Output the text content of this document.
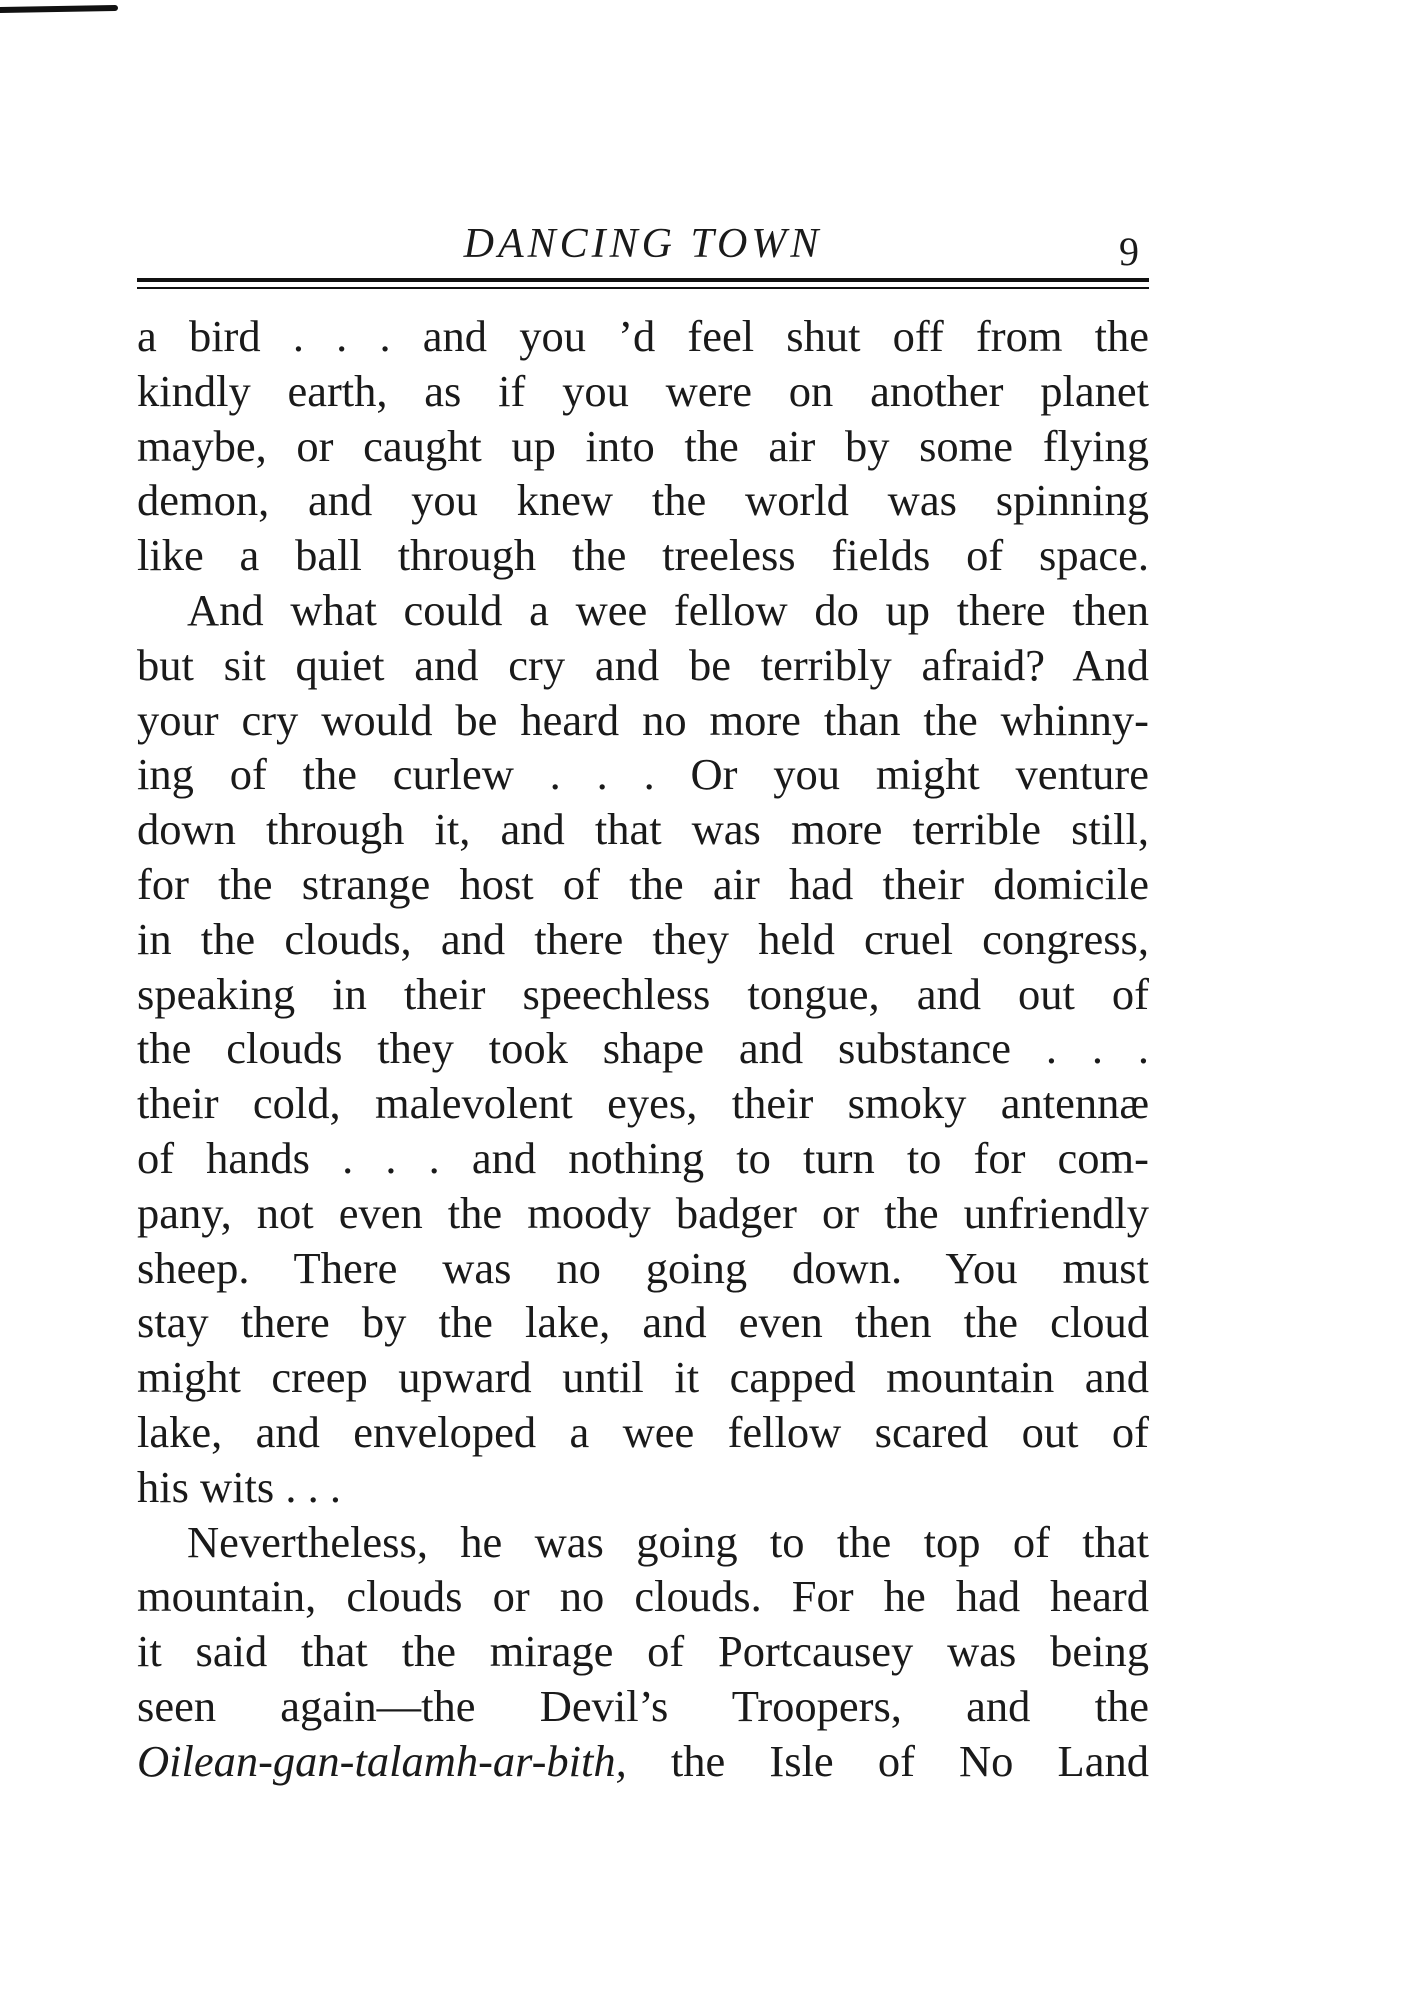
DANCING TOWN	9
a bird . . . and you ’d feel shut off from the
kindly earth, as if you were on another planet
maybe, or caught up into the air by some flying
demon, and you knew the world was spinning
like a ball through the treeless fields of space.
And what could a wee fellow do up there then
but sit quiet and cry and be terribly afraid? And
your cry would be heard no more than the whinny-
ing of the curlew . . . Or you might venture
down through it, and that was more terrible still,
for the strange host of the air had their domicile
in the clouds, and there they held cruel congress,
speaking in their speechless tongue, and out of
the clouds they took shape and substance . . .
their cold, malevolent eyes, their smoky antennæ
of hands . . . and nothing to turn to for com-
pany, not even the moody badger or the unfriendly
sheep. There was no going down. You must
stay there by the lake, and even then the cloud
might creep upward until it capped mountain and
lake, and enveloped a wee fellow scared out of
his wits . . .
Nevertheless, he was going to the top of that
mountain, clouds or no clouds. For he had heard
it said that the mirage of Portcausey was being
seen again—the Devil’s Troopers, and the
Oilean-gan-talamh-ar-bith, the Isle of No Land
